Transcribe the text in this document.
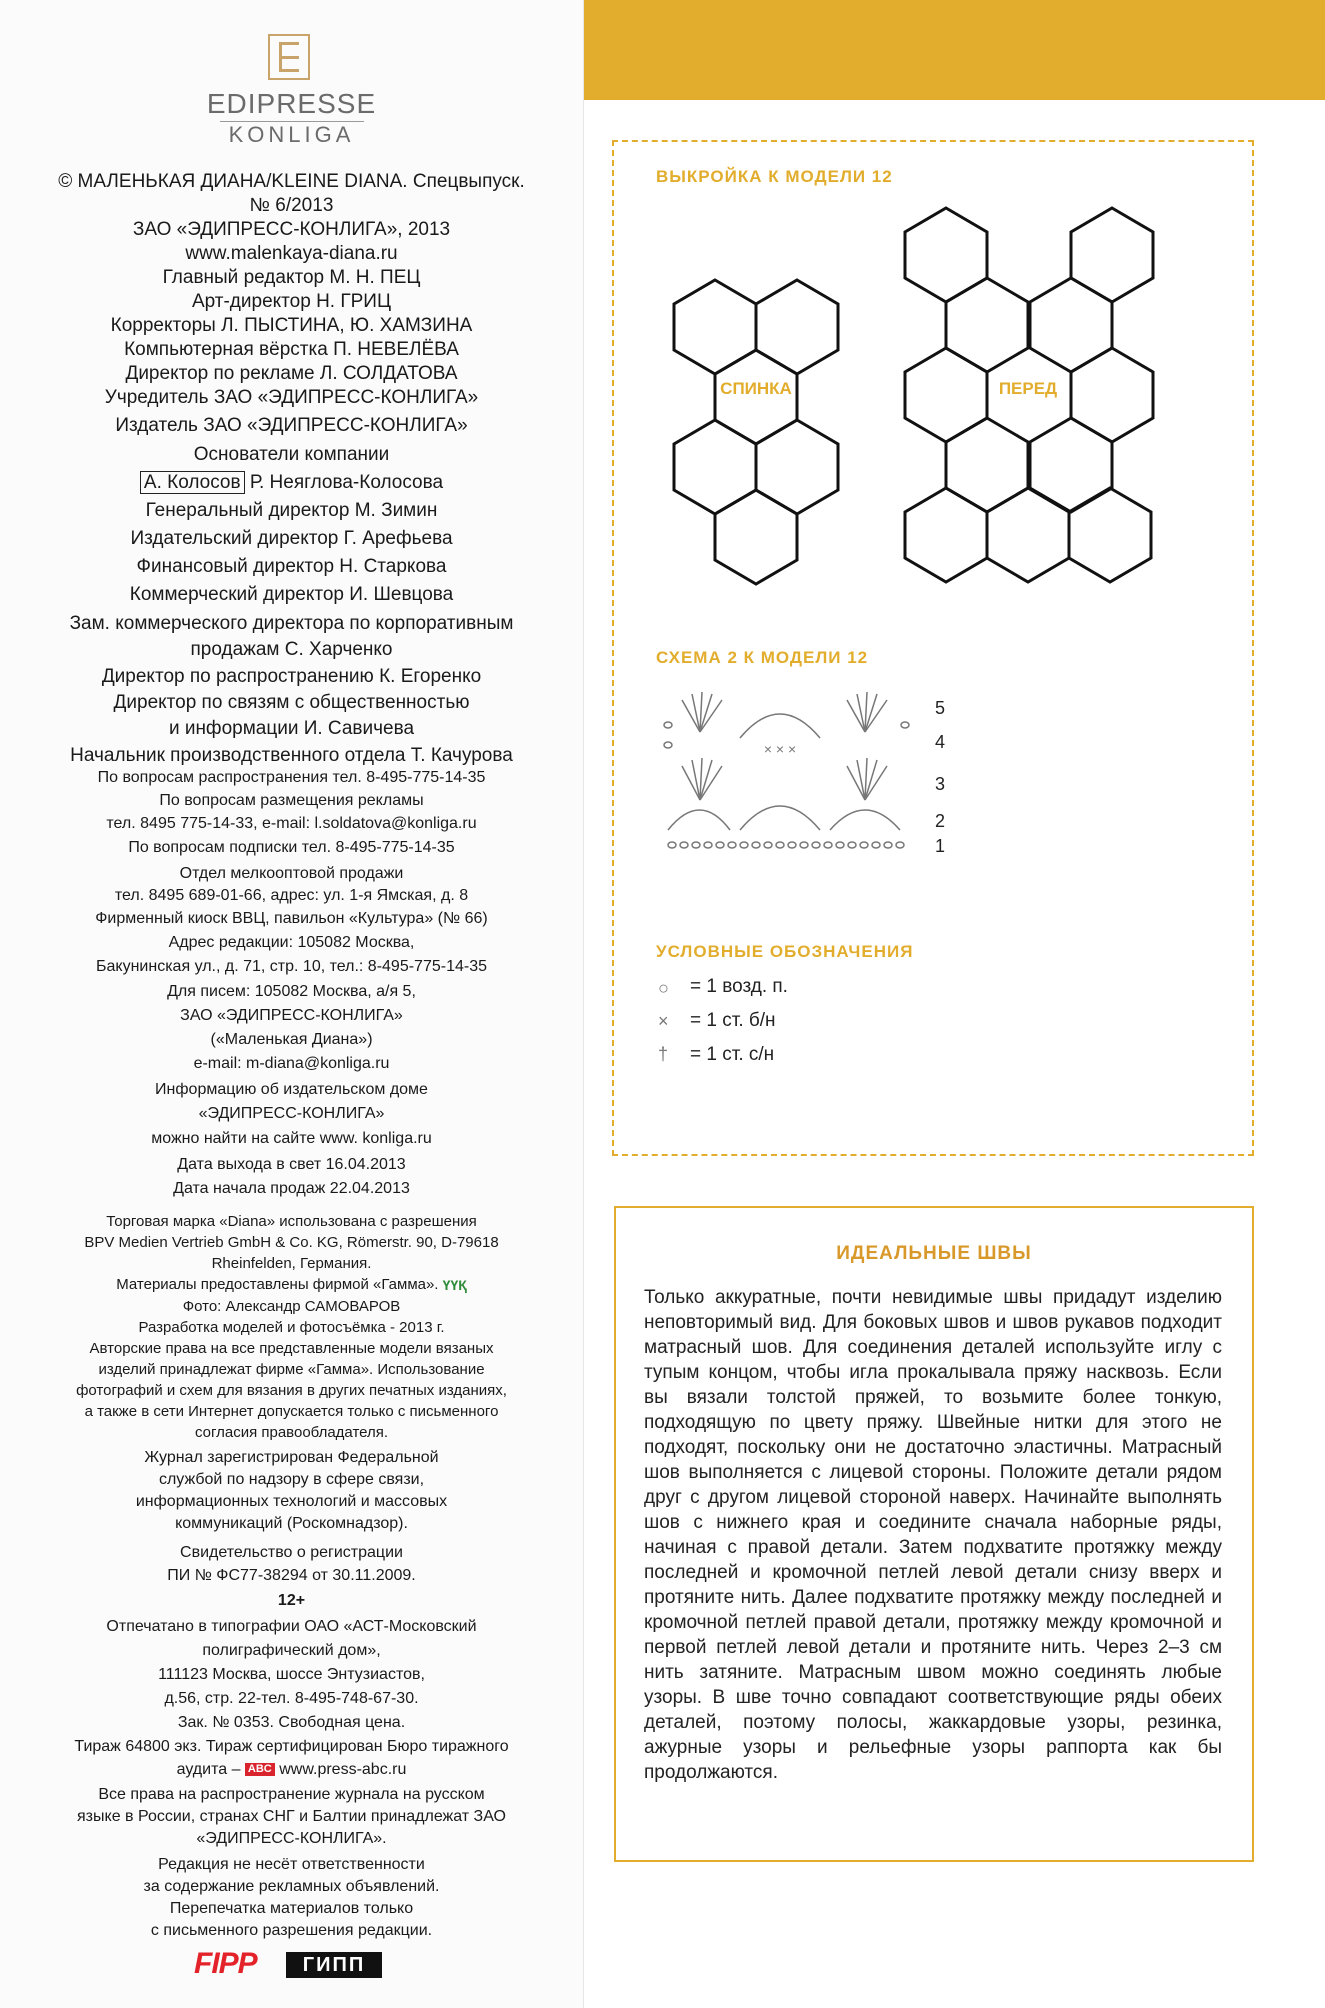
EDIPRESSE
KONLIGA
© МАЛЕНЬКАЯ ДИАНА/KLEINE DIANA. Спецвыпуск.
№ 6/2013
ЗАО «ЭДИПРЕСС-КОНЛИГА», 2013
www.malenkaya-diana.ru
Главный редактор М. Н. ПЕЦ
Арт-директор Н. ГРИЦ
Корректоры Л. ПЫСТИНА, Ю. ХАМЗИНА
Компьютерная вёрстка П. НЕВЕЛЁВА
Директор по рекламе Л. СОЛДАТОВА
Учредитель ЗАО «ЭДИПРЕСС-КОНЛИГА»
Издатель ЗАО «ЭДИПРЕСС-КОНЛИГА»
Основатели компании
А. Колосов Р. Неяглова-Колосова
Генеральный директор М. Зимин
Издательский директор Г. Арефьева
Финансовый директор Н. Старкова
Коммерческий директор И. Шевцова
Зам. коммерческого директора по корпоративным
продажам С. Харченко
Директор по распространению К. Егоренко
Директор по связям с общественностью
и информации И. Савичева
Начальник производственного отдела Т. Качурова
По вопросам распространения тел. 8-495-775-14-35
По вопросам размещения рекламы
тел. 8495 775-14-33, e-mail: l.soldatova@konliga.ru
По вопросам подписки тел. 8-495-775-14-35
Отдел мелкооптовой продажи
тел. 8495 689-01-66, адрес: ул. 1-я Ямская, д. 8
Фирменный киоск ВВЦ, павильон «Культура» (№ 66)
Адрес редакции: 105082 Москва,
Бакунинская ул., д. 71, стр. 10, тел.: 8-495-775-14-35
Для писем: 105082 Москва, а/я 5,
ЗАО «ЭДИПРЕСС-КОНЛИГА»
(«Маленькая Диана»)
e-mail: m-diana@konliga.ru
Информацию об издательском доме
«ЭДИПРЕСС-КОНЛИГА»
можно найти на сайте www. konliga.ru
Дата выхода в свет 16.04.2013
Дата начала продаж 22.04.2013
Торговая марка «Diana» использована с разрешения
BPV Medien Vertrieb GmbH & Co. KG, Römerstr. 90, D-79618
Rheinfelden, Германия.
Материалы предоставлены фирмой «Гамма». ҮҮҚ
Фото: Александр САМОВАРОВ
Разработка моделей и фотосъёмка - 2013 г.
Авторские права на все представленные модели вязаных
изделий принадлежат фирме «Гамма». Использование
фотографий и схем для вязания в других печатных изданиях,
а также в сети Интернет допускается только с письменного
согласия правообладателя.
Журнал зарегистрирован Федеральной
службой по надзору в сфере связи,
информационных технологий и массовых
коммуникаций (Роскомнадзор).
Свидетельство о регистрации
ПИ № ФС77-38294 от 30.11.2009.
12+
Отпечатано в типографии ОАО «АСТ-Московский
полиграфический дом»,
111123 Москва, шоссе Энтузиастов,
д.56, стр. 22-тел. 8-495-748-67-30.
Зак. № 0353. Свободная цена.
Тираж 64800 экз. Тираж сертифицирован Бюро тиражного
аудита – ABC www.press-abc.ru
Все права на распространение журнала на русском
языке в России, странах СНГ и Балтии принадлежат ЗАО
«ЭДИПРЕСС-КОНЛИГА».
Редакция не несёт ответственности
за содержание рекламных объявлений.
Перепечатка материалов только
с письменного разрешения редакции.
FIPP	ГИПП
ВЫКРОЙКА К МОДЕЛИ 12
СПИНКА	ПЕРЕД
× × ×
СХЕМА 2 К МОДЕЛИ 12
5
4
3
2
1
УСЛОВНЫЕ ОБОЗНАЧЕНИЯ
○ = 1 возд. п.
× = 1 ст. б/н
† = 1 ст. с/н
ИДЕАЛЬНЫЕ ШВЫ
Только аккуратные, почти невидимые швы придадут изделию неповторимый вид. Для боковых швов и швов рукавов подходит матрасный шов. Для соединения деталей используйте иглу с тупым концом, чтобы игла прокалывала пряжу насквозь. Если вы вязали толстой пряжей, то возьмите более тонкую, подходящую по цвету пряжу. Швейные нитки для этого не подходят, поскольку они не достаточно эластичны. Матрасный шов выполняется с лицевой стороны. Положите детали рядом друг с другом лицевой стороной наверх. Начинайте выполнять шов с нижнего края и соедините сначала наборные ряды, начиная с правой детали. Затем подхватите протяжку между последней и кромочной петлей левой детали снизу вверх и протяните нить. Далее подхватите протяжку между последней и кромочной петлей правой детали, протяжку между кромочной и первой петлей левой детали и протяните нить. Через 2–3 см нить затяните. Матрасным швом можно соединять любые узоры. В шве точно совпадают соответствующие ряды обеих деталей, поэтому полосы, жаккардовые узоры, резинка, ажурные узоры и рельефные узоры раппорта как бы продолжаются.
